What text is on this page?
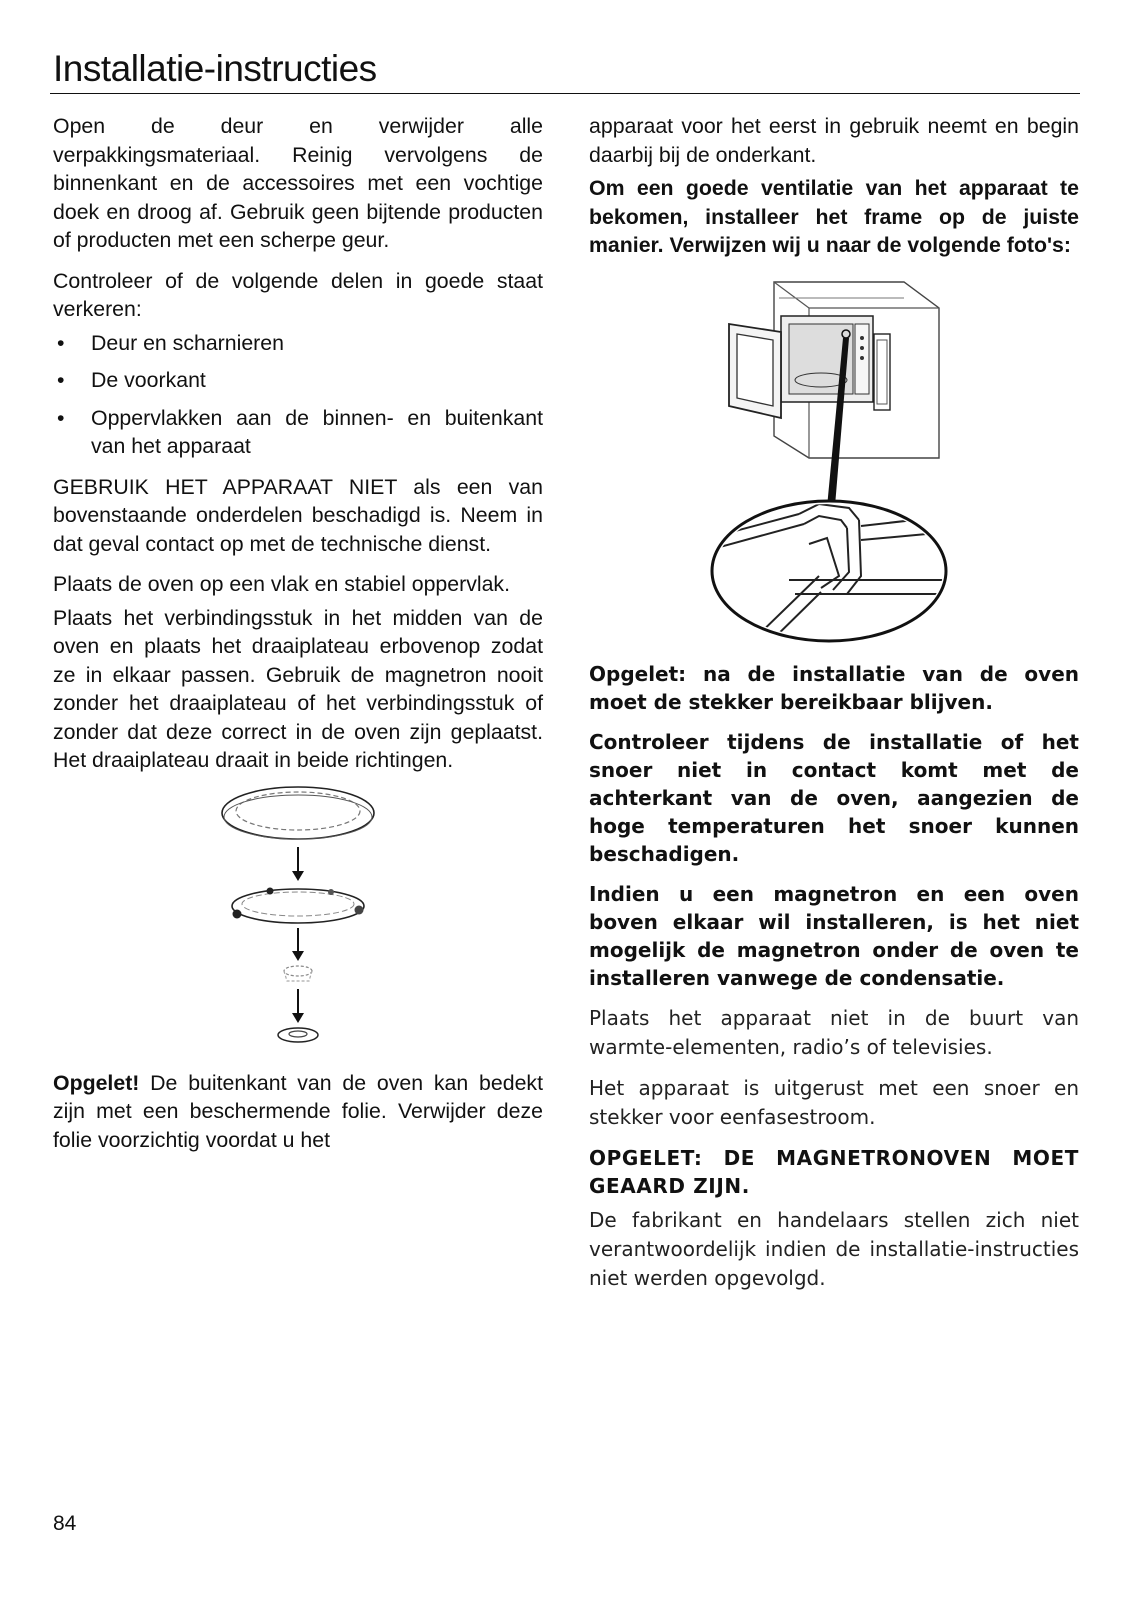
Installatie-instructies

Open de deur en verwijder alle verpakkingsmateriaal. Reinig vervolgens de binnenkant en de accessoires met een vochtige doek en droog af. Gebruik geen bijtende producten of producten met een scherpe geur.

Controleer of de volgende delen in goede staat verkeren:

• Deur en scharnieren
• De voorkant
• Oppervlakken aan de binnen- en buitenkant van het apparaat

GEBRUIK HET APPARAAT NIET als een van bovenstaande onderdelen beschadigd is. Neem in dat geval contact op met de technische dienst.

Plaats de oven op een vlak en stabiel oppervlak.

Plaats het verbindingsstuk in het midden van de oven en plaats het draaiplateau erbovenop zodat ze in elkaar passen. Gebruik de magnetron nooit zonder het draaiplateau of het verbindingsstuk of zonder dat deze correct in de oven zijn geplaatst. Het draaiplateau draait in beide richtingen.

Opgelet! De buitenkant van de oven kan bedekt zijn met een beschermende folie. Verwijder deze folie voorzichtig voordat u het

apparaat voor het eerst in gebruik neemt en begin daarbij bij de onderkant.

Om een goede ventilatie van het apparaat te bekomen, installeer het frame op de juiste manier. Verwijzen wij u naar de volgende foto's:

Opgelet: na de installatie van de oven moet de stekker bereikbaar blijven.

Controleer tijdens de installatie of het snoer niet in contact komt met de achterkant van de oven, aangezien de hoge temperaturen het snoer kunnen beschadigen.

Indien u een magnetron en een oven boven elkaar wil installeren, is het niet mogelijk de magnetron onder de oven te installeren vanwege de condensatie.

Plaats het apparaat niet in de buurt van warmte-elementen, radio’s of televisies.

Het apparaat is uitgerust met een snoer en stekker voor eenfasestroom.

OPGELET: DE MAGNETRONOVEN MOET GEAARD ZIJN.

De fabrikant en handelaars stellen zich niet verantwoordelijk indien de installatie-instructies niet werden opgevolgd.

84
